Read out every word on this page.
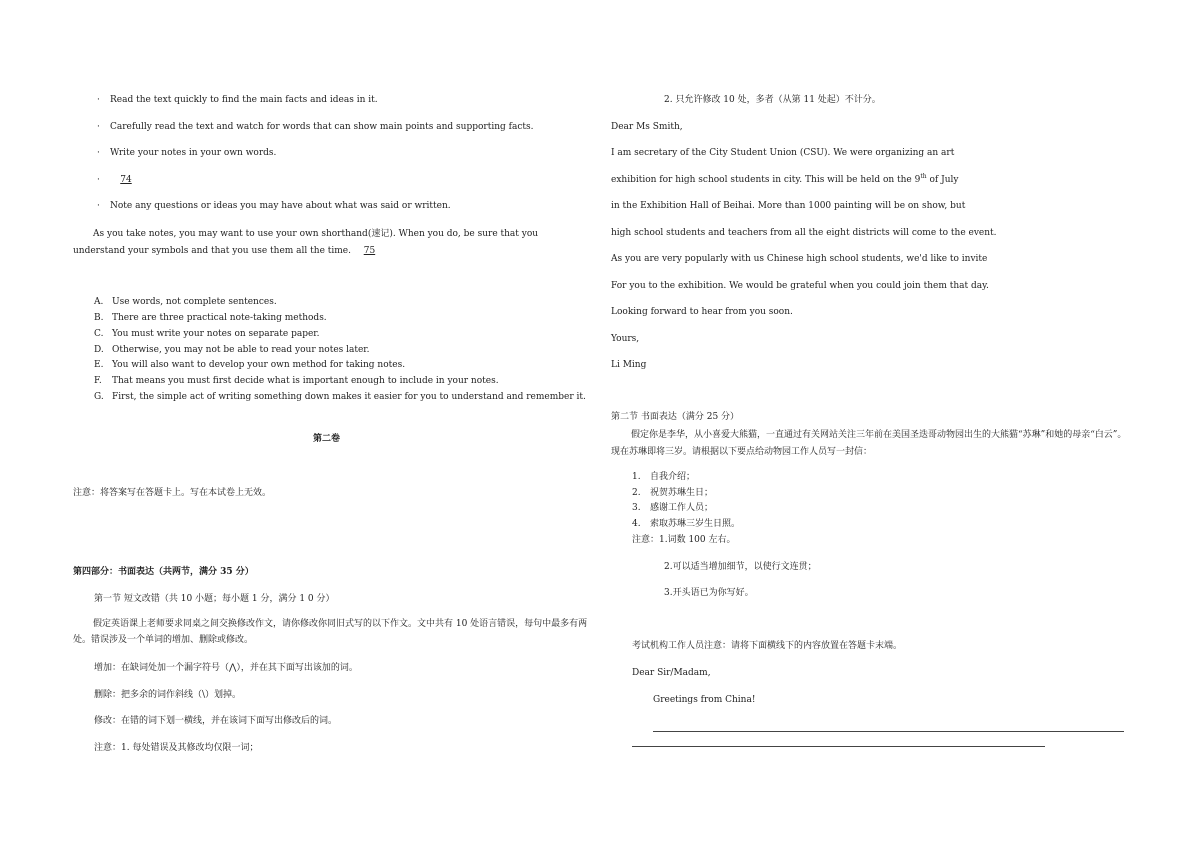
· Read the text quickly to find the main facts and ideas in it.

· Carefully read the text and watch for words that can show main points and supporting facts.

· Write your notes in your own words.

·	74

· Note any questions or ideas you may have about what was said or written.

As you take notes, you may want to use your own shorthand(速记). When you do, be sure that you understand your symbols and that you use them all the time. 75

A. Use words, not complete sentences.

B. There are three practical note-taking methods.

C. You must write your notes on separate paper.

D. Otherwise, you may not be able to read your notes later.

E. You will also want to develop your own method for taking notes.

F. That means you must first decide what is important enough to include in your notes.

G. First, the simple act of writing something down makes it easier for you to understand and remember it.

第二卷

注意：将答案写在答题卡上。写在本试卷上无效。

第四部分：书面表达（共两节，满分 35 分）

第一节 短文改错（共 10 小题；每小题 1 分，满分 1 0 分）

假定英语课上老师要求同桌之间交换修改作文，请你修改你同旧式写的以下作文。文中共有 10 处语言错误，每句中最多有两处。错误涉及一个单词的增加、删除或修改。

增加：在缺词处加一个漏字符号（⋀），并在其下面写出该加的词。

删除：把多余的词作斜线（\）划掉。

修改：在错的词下划一横线，并在该词下面写出修改后的词。

注意：1. 每处错误及其修改均仅限一词；

2. 只允许修改 10 处，多者（从第 11 处起）不计分。

Dear Ms Smith,

I am secretary of the City Student Union (CSU). We were organizing an art

exhibition for high school students in city. This will be held on the 9th of July

in the Exhibition Hall of Beihai. More than 1000 painting will be on show, but

high school students and teachers from all the eight districts will come to the event.

As you are very popularly with us Chinese high school students, we'd like to invite

For you to the exhibition. We would be grateful when you could join them that day.

Looking forward to hear from you soon.

Yours,

Li Ming

第二节 书面表达（满分 25 分）

假定你是李华，从小喜爱大熊猫，一直通过有关网站关注三年前在美国圣迭哥动物园出生的大熊猫“苏琳”和她的母亲“白云”。现在苏琳即将三岁。请根据以下要点给动物园工作人员写一封信：

1. 自我介绍；

2. 祝贺苏琳生日；

3. 感谢工作人员；

4. 索取苏琳三岁生日照。

注意：1.词数 100 左右。

2.可以适当增加细节，以使行文连贯；

3.开头语已为你写好。

考试机构工作人员注意：请将下面横线下的内容放置在答题卡末端。

Dear Sir/Madam,

Greetings from China!
